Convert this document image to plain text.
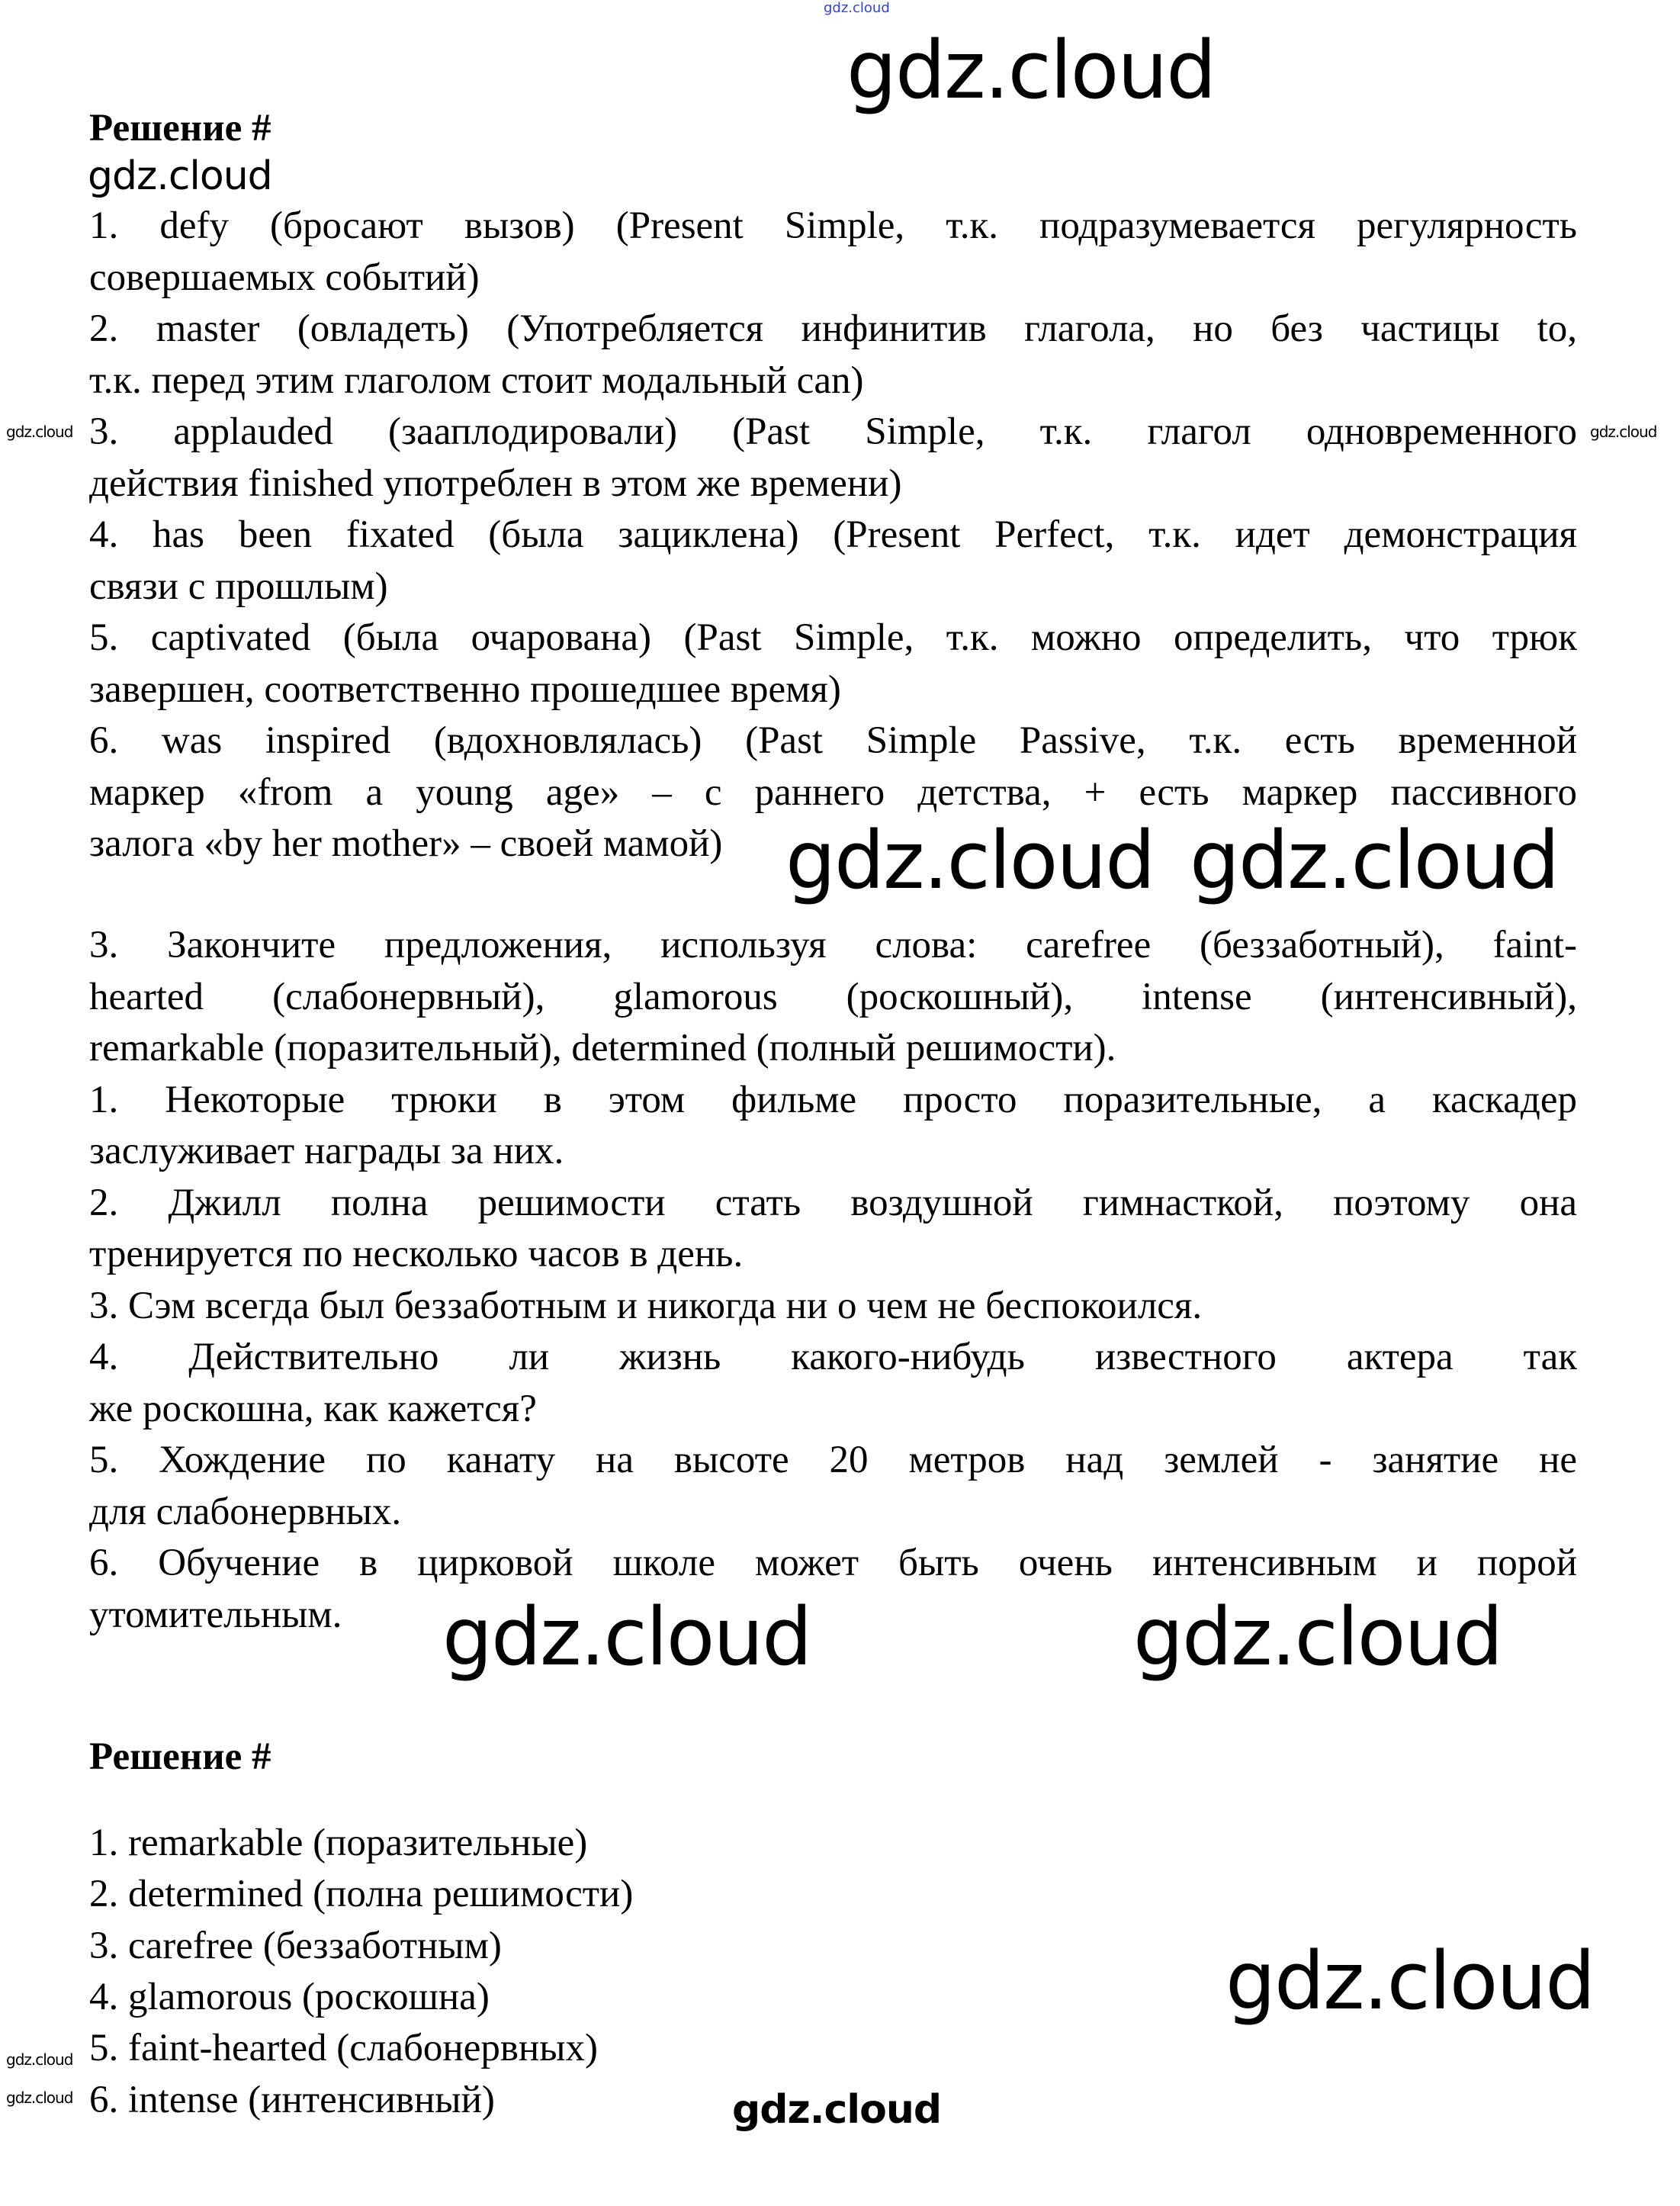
gdz.cloud
Решение #
gdz.cloud
1. defy (бросают вызов) (Present Simple, т.к. подразумевается регулярность
совершаемых событий)
2. master (овладеть) (Употребляется инфинитив глагола, но без частицы to,
т.к. перед этим глаголом стоит модальный can)
3. applauded (зааплодировали) (Past Simple, т.к. глагол одновременного
действия finished употреблен в этом же времени)
4. has been fixated (была зациклена) (Present Perfect, т.к. идет демонстрация
связи с прошлым)
5. captivated (была очарована) (Past Simple, т.к. можно определить, что трюк
завершен, соответственно прошедшее время)
6. was inspired (вдохновлялась) (Past Simple Passive, т.к. есть временной
маркер «from a young age» – с раннего детства, + есть маркер пассивного
залога «by her mother» – своей мамой)
3. Закончите предложения, используя слова: carefree (беззаботный), faint-
hearted (слабонервный), glamorous (роскошный), intense (интенсивный),
remarkable (поразительный), determined (полный решимости).
1. Некоторые трюки в этом фильме просто поразительные, а каскадер
заслуживает награды за них.
2. Джилл полна решимости стать воздушной гимнасткой, поэтому она
тренируется по несколько часов в день.
3. Сэм всегда был беззаботным и никогда ни о чем не беспокоился.
4. Действительно ли жизнь какого-нибудь известного актера так
же роскошна, как кажется?
5. Хождение по канату на высоте 20 метров над землей - занятие не
для слабонервных.
6. Обучение в цирковой школе может быть очень интенсивным и порой
утомительным.
Решение #
1. remarkable (поразительные)
2. determined (полна решимости)
3. carefree (беззаботным)
4. glamorous (роскошна)
5. faint-hearted (слабонервных)
6. intense (интенсивный)
gdz.cloud
gdz.cloud
gdz.cloud
gdz.cloud
gdz.cloud
gdz.cloud
gdz.cloud
gdz.cloud	gdz.cloud
gdz.cloud
gdz.cloud
